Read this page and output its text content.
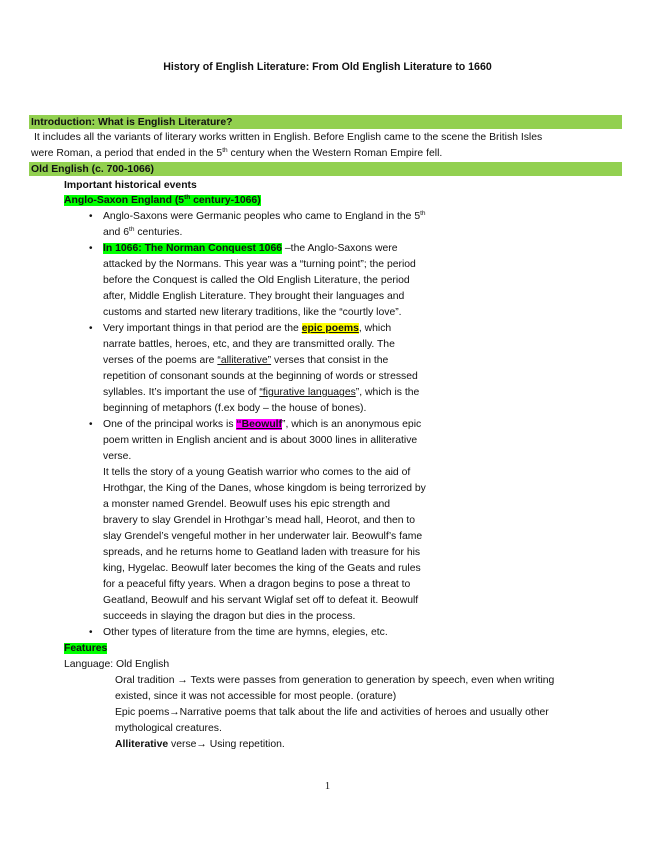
History of English Literature: From Old English Literature to 1660
Introduction: What is English Literature?
It includes all the variants of literary works written in English. Before English came to the scene the British Isles
were Roman, a period that ended in the 5th century when the Western Roman Empire fell.
Old English (c. 700-1066)
Important historical events
Anglo-Saxon England (5th century-1066)
• Anglo-Saxons were Germanic peoples who came to England in the 5th
and 6th centuries.
• In 1066: The Norman Conquest 1066 –the Anglo-Saxons were
attacked by the Normans. This year was a “turning point”; the period
before the Conquest is called the Old English Literature, the period
after, Middle English Literature. They brought their languages and
customs and started new literary traditions, like the “courtly love”.
• Very important things in that period are the epic poems, which
narrate battles, heroes, etc, and they are transmitted orally. The
verses of the poems are “alliterative” verses that consist in the
repetition of consonant sounds at the beginning of words or stressed
syllables. It’s important the use of “figurative languages”, which is the
beginning of metaphors (f.ex body – the house of bones).
• One of the principal works is “Beowulf”, which is an anonymous epic
poem written in English ancient and is about 3000 lines in alliterative
verse.
It tells the story of a young Geatish warrior who comes to the aid of
Hrothgar, the King of the Danes, whose kingdom is being terrorized by
a monster named Grendel. Beowulf uses his epic strength and
bravery to slay Grendel in Hrothgar’s mead hall, Heorot, and then to
slay Grendel’s vengeful mother in her underwater lair. Beowulf’s fame
spreads, and he returns home to Geatland laden with treasure for his
king, Hygelac. Beowulf later becomes the king of the Geats and rules
for a peaceful fifty years. When a dragon begins to pose a threat to
Geatland, Beowulf and his servant Wiglaf set off to defeat it. Beowulf
succeeds in slaying the dragon but dies in the process.
• Other types of literature from the time are hymns, elegies, etc.
Features
Language: Old English
Oral tradition → Texts were passes from generation to generation by speech, even when writing
existed, since it was not accessible for most people. (orature)
Epic poems→Narrative poems that talk about the life and activities of heroes and usually other
mythological creatures.
Alliterative verse→ Using repetition.
1
